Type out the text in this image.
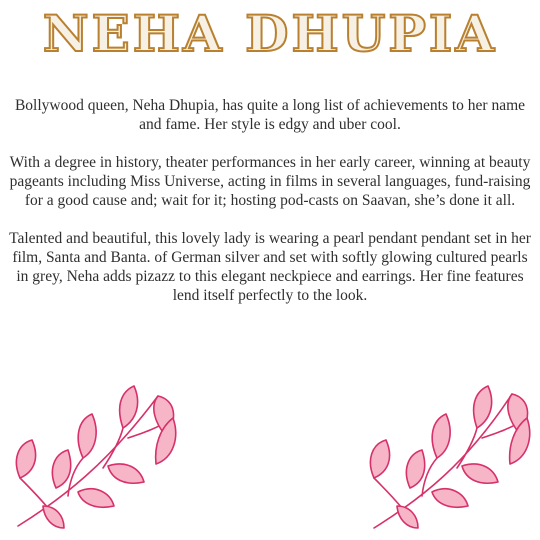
NEHA DHUPIA

Bollywood queen, Neha Dhupia, has quite a long list of achievements to her name and fame. Her style is edgy and uber cool.

With a degree in history, theater performances in her early career, winning at beauty pageants including Miss Universe, acting in films in several languages, fund-raising for a good cause and; wait for it; hosting pod-casts on Saavan, she’s done it all.

Talented and beautiful, this lovely lady is wearing a pearl pendant pendant set in her film, Santa and Banta. of German silver and set with softly glowing cultured pearls in grey, Neha adds pizazz to this elegant neckpiece and earrings. Her fine features lend itself perfectly to the look.
